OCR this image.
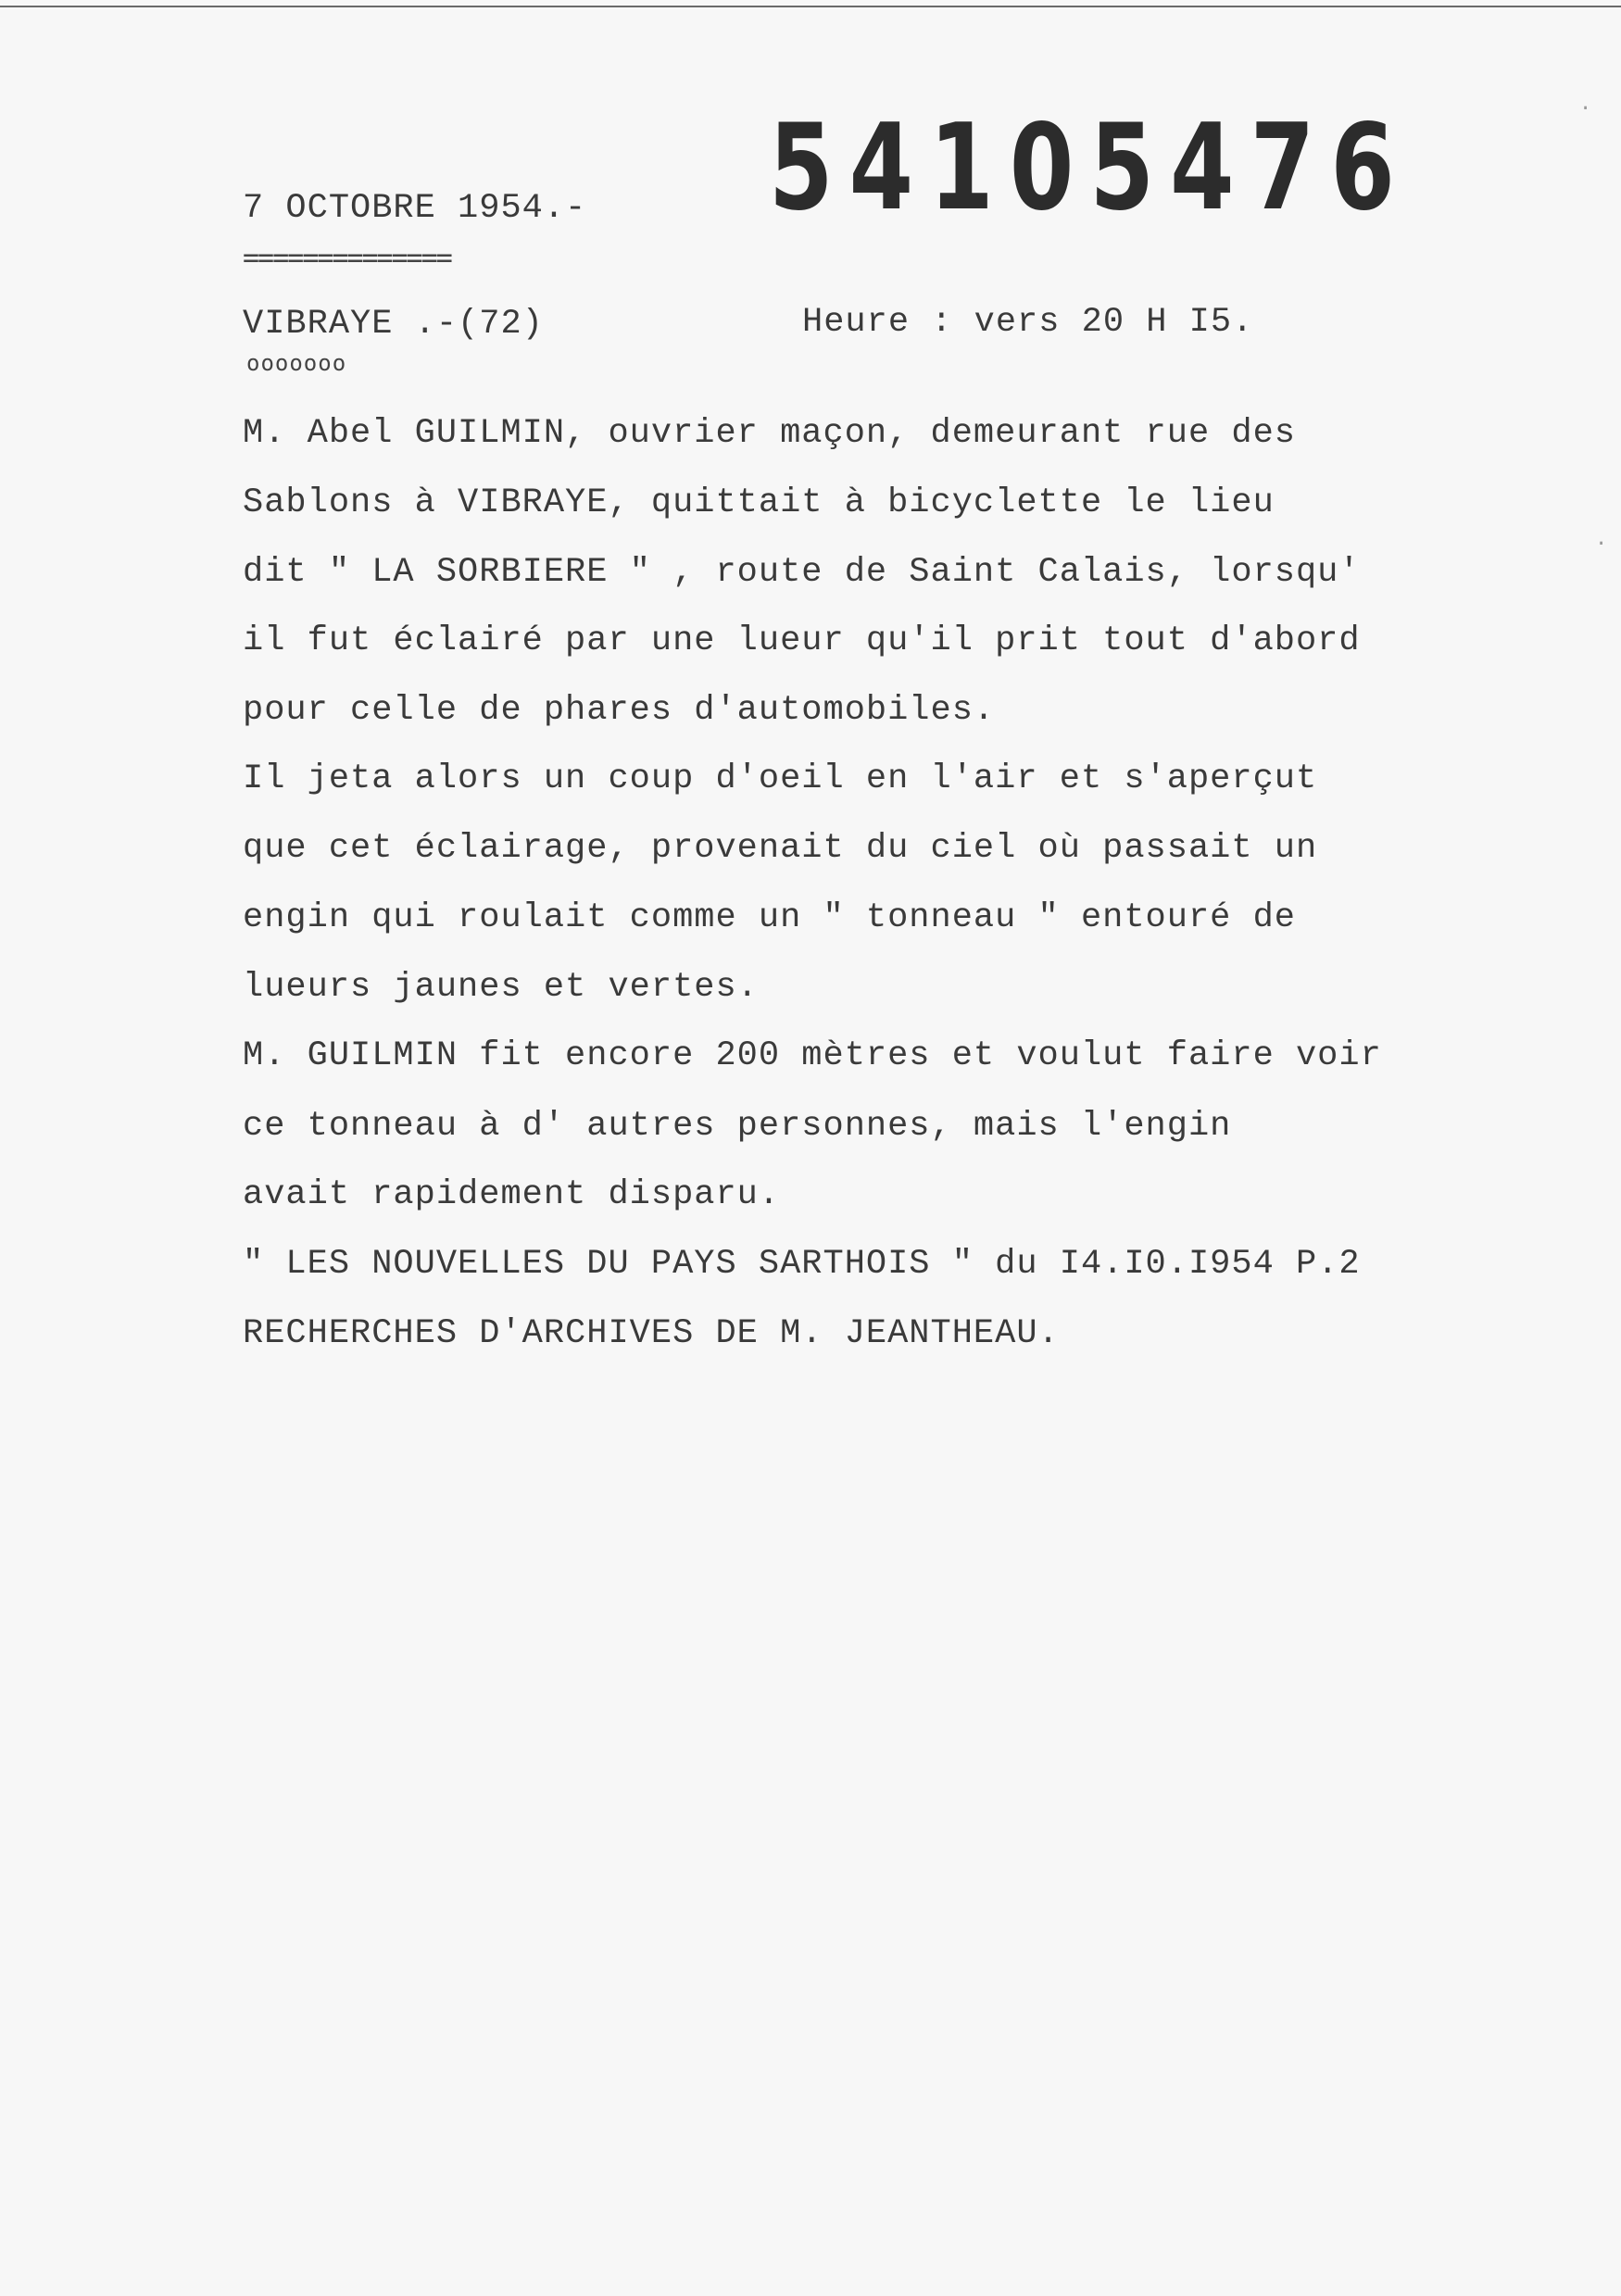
·
·
7 OCTOBRE 1954.-
==============
54105476
VIBRAYE .-(72)
ooooooo
Heure : vers 20 H I5.
M. Abel GUILMIN, ouvrier maçon, demeurant rue des
Sablons à VIBRAYE, quittait à bicyclette le lieu
dit " LA SORBIERE " , route de Saint Calais, lorsqu'
il fut éclairé par une lueur qu'il prit tout d'abord
pour celle de phares d'automobiles.
Il jeta alors un coup d'oeil en l'air et s'aperçut
que cet éclairage, provenait du ciel où passait un
engin qui roulait comme un " tonneau " entouré de
lueurs jaunes et vertes.
M. GUILMIN fit encore 200 mètres et voulut faire voir
ce tonneau à d' autres personnes, mais l'engin
avait rapidement disparu.
" LES NOUVELLES DU PAYS SARTHOIS " du I4.I0.I954 P.2
RECHERCHES D'ARCHIVES DE M. JEANTHEAU.
